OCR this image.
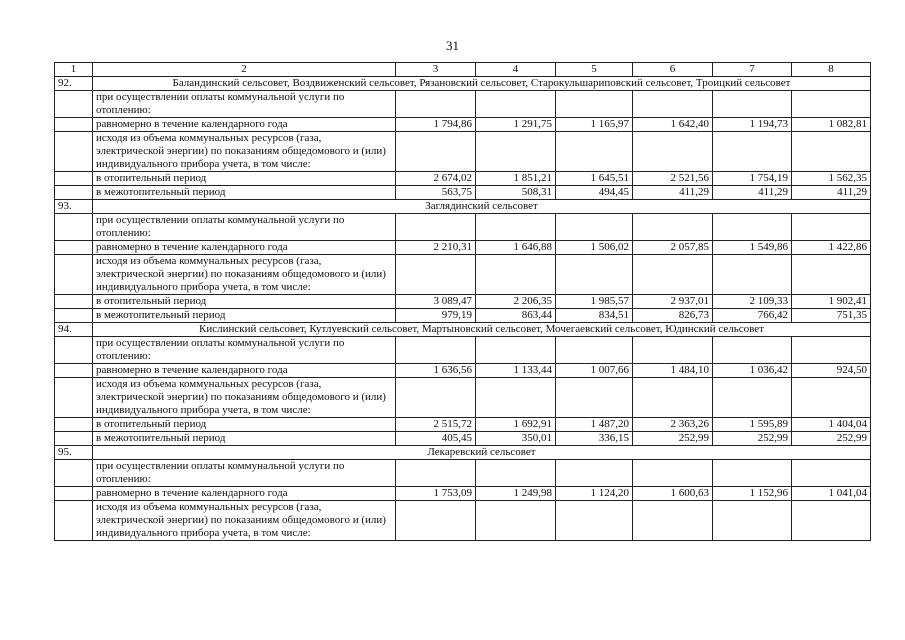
31
1	2	3	4	5	6	7	8
92.	Баландинский сельсовет, Воздвиженский сельсовет, Рязановский сельсовет, Старокульшариповский сельсовет, Троицкий сельсовет						
	при осуществлении оплаты коммунальной услуги по отоплению:						
	равномерно в течение календарного года	1 794,86	1 291,75	1 165,97	1 642,40	1 194,73	1 082,81
	исходя из объема коммунальных ресурсов (газа, электрической энергии) по показаниям общедомового и (или) индивидуального прибора учета, в том числе:						
	в отопительный период	2 674,02	1 851,21	1 645,51	2 521,56	1 754,19	1 562,35
	в межотопительный период	563,75	508,31	494,45	411,29	411,29	411,29
93.	Заглядинский сельсовет						
	при осуществлении оплаты коммунальной услуги по отоплению:						
	равномерно в течение календарного года	2 210,31	1 646,88	1 506,02	2 057,85	1 549,86	1 422,86
	исходя из объема коммунальных ресурсов (газа, электрической энергии) по показаниям общедомового и (или) индивидуального прибора учета, в том числе:						
	в отопительный период	3 089,47	2 206,35	1 985,57	2 937,01	2 109,33	1 902,41
	в межотопительный период	979,19	863,44	834,51	826,73	766,42	751,35
94.	Кислинский сельсовет, Кутлуевский сельсовет, Мартыновский сельсовет, Мочегаевский сельсовет, Юдинский сельсовет						
	при осуществлении оплаты коммунальной услуги по отоплению:						
	равномерно в течение календарного года	1 636,56	1 133,44	1 007,66	1 484,10	1 036,42	924,50
	исходя из объема коммунальных ресурсов (газа, электрической энергии) по показаниям общедомового и (или) индивидуального прибора учета, в том числе:						
	в отопительный период	2 515,72	1 692,91	1 487,20	2 363,26	1 595,89	1 404,04
	в межотопительный период	405,45	350,01	336,15	252,99	252,99	252,99
95.	Лекаревский сельсовет						
	при осуществлении оплаты коммунальной услуги по отоплению:						
	равномерно в течение календарного года	1 753,09	1 249,98	1 124,20	1 600,63	1 152,96	1 041,04
	исходя из объема коммунальных ресурсов (газа, электрической энергии) по показаниям общедомового и (или) индивидуального прибора учета, в том числе:						
